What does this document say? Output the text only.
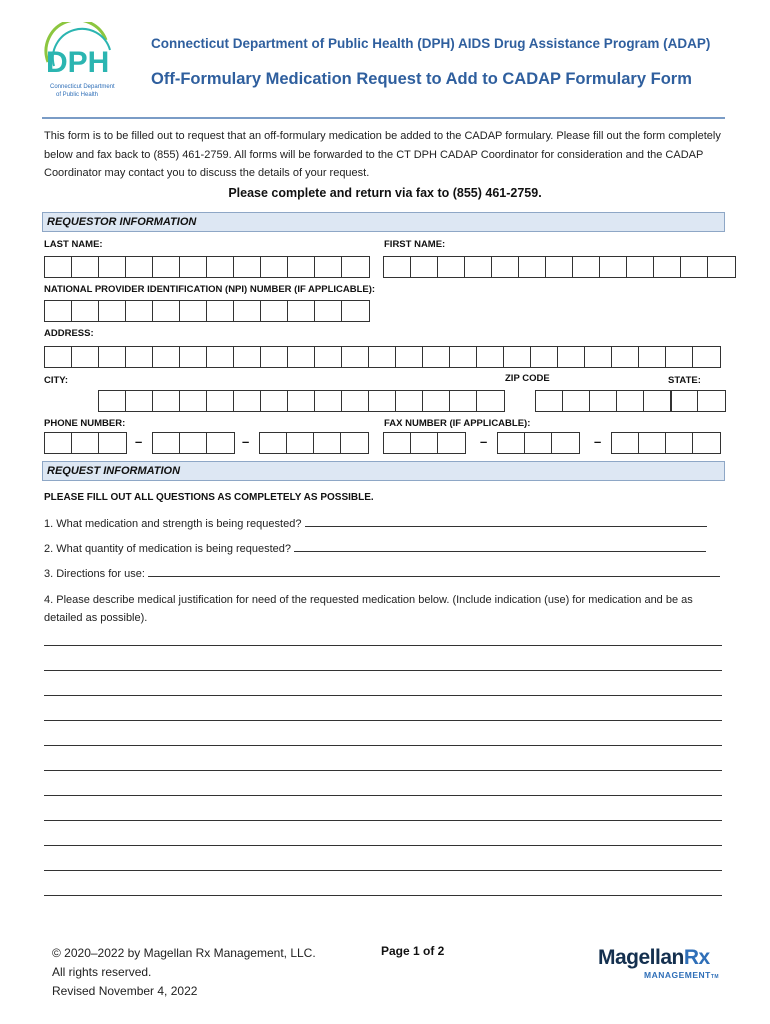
DPH
Connecticut Department
of Public Health
Connecticut Department of Public Health (DPH) AIDS Drug Assistance Program (ADAP)
Off-Formulary Medication Request to Add to CADAP Formulary Form
This form is to be filled out to request that an off-formulary medication be added to the CADAP formulary. Please fill out the form completely below and fax back to (855) 461-2759. All forms will be forwarded to the CT DPH CADAP Coordinator for consideration and the CADAP Coordinator may contact you to discuss the details of your request.
Please complete and return via fax to (855) 461-2759.
REQUESTOR INFORMATION
LAST NAME:	FIRST NAME:
NATIONAL PROVIDER IDENTIFICATION (NPI) NUMBER (IF APPLICABLE):
ADDRESS:
CITY:	ZIP CODE	STATE:
PHONE NUMBER:	FAX NUMBER (IF APPLICABLE):
–	–	–	–
REQUEST INFORMATION
PLEASE FILL OUT ALL QUESTIONS AS COMPLETELY AS POSSIBLE.
1. What medication and strength is being requested?
2. What quantity of medication is being requested?
3. Directions for use:
4. Please describe medical justification for need of the requested medication below. (Include indication (use) for medication and be as detailed as possible).
© 2020–2022 by Magellan Rx Management, LLC.
All rights reserved.
Revised November 4, 2022
Page 1 of 2	MagellanRx
MANAGEMENTTM
